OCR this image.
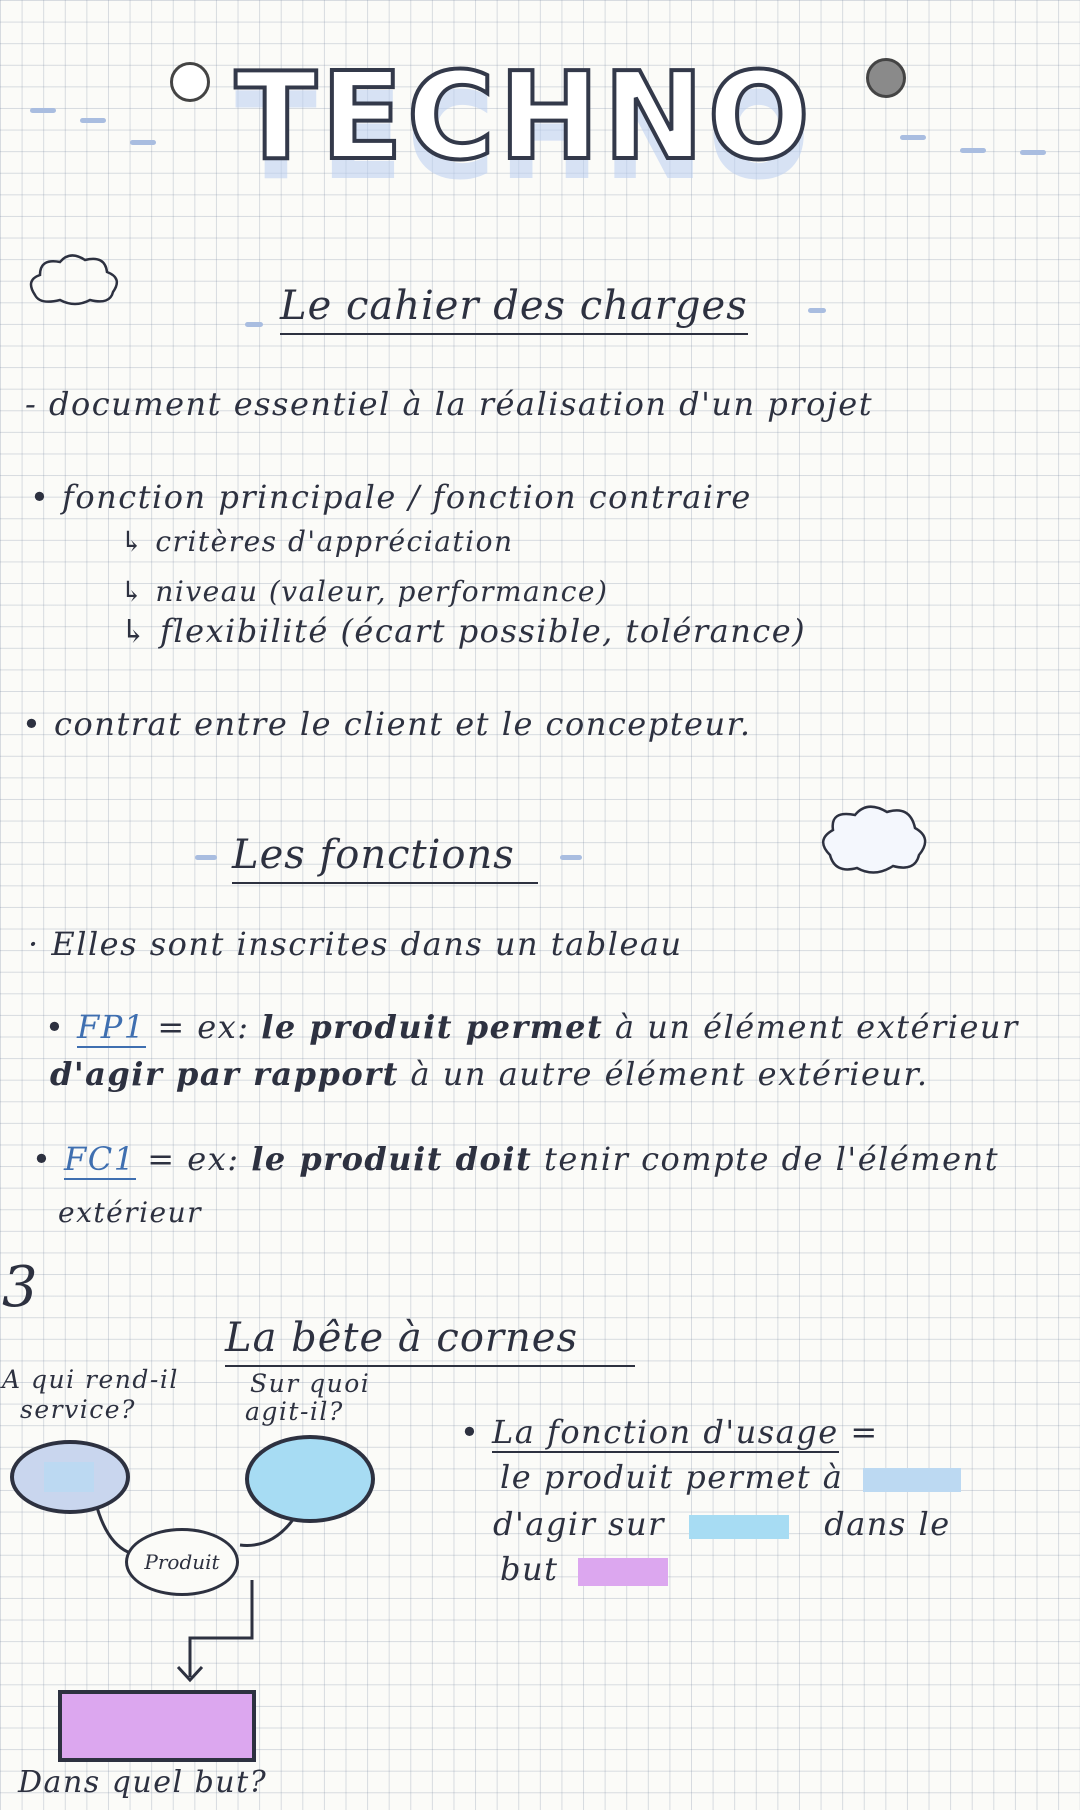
TECHNO
Le cahier des charges
- document essentiel à la réalisation d'un projet
• fonction principale / fonction contraire
↳ critères d'appréciation
↳ niveau (valeur, performance)
↳ flexibilité (écart possible, tolérance)
• contrat entre le client et le concepteur.
Les fonctions
· Elles sont inscrites dans un tableau
• FP1 = ex: le produit permet à un élément extérieur
d'agir par rapport à un autre élément extérieur.
• FC1 = ex: le produit doit tenir compte de l'élément
extérieur
3
La bête à cornes
A qui rend-il
service?
Sur quoi
agit-il?
Produit
Dans quel but?
• La fonction d'usage =
le produit permet à
d'agir sur	dans le
but
